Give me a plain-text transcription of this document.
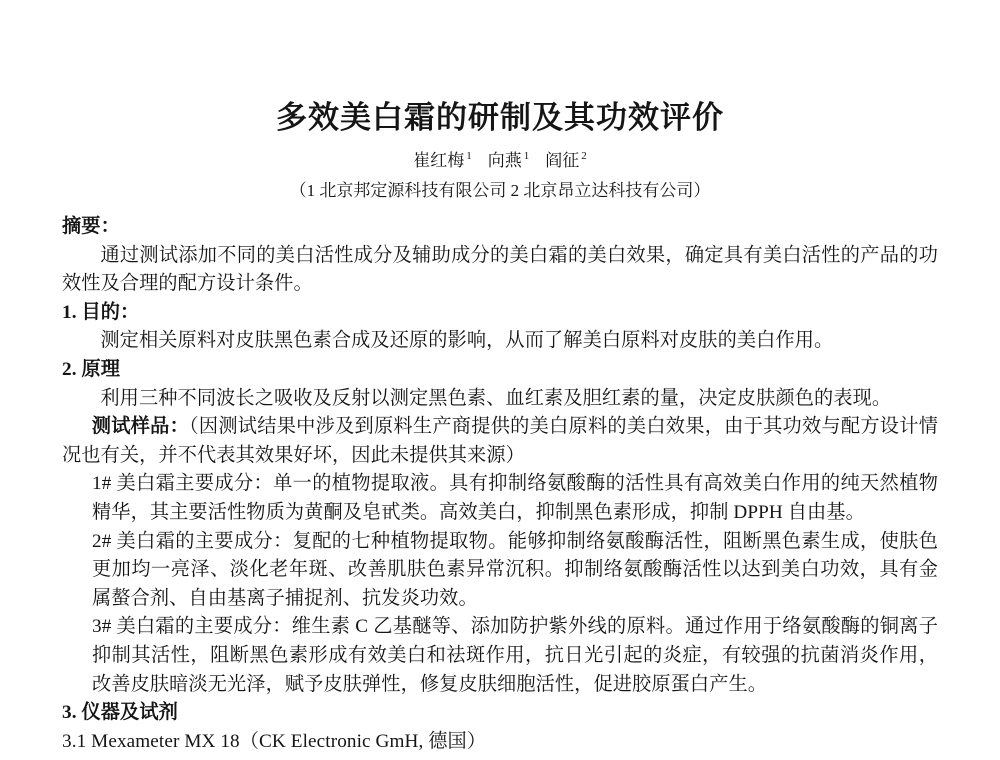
多效美白霜的研制及其功效评价
崔红梅 $^1$ 向燕 $^1$ 阎征 $^2$
（1 北京邦定源科技有限公司 2 北京昂立达科技有公司）
摘要：
通过测试添加不同的美白活性成分及辅助成分的美白霜的美白效果，确定具有美白活性的产品的功效性及合理的配方设计条件。
1. 目的：
测定相关原料对皮肤黑色素合成及还原的影响，从而了解美白原料对皮肤的美白作用。
2. 原理
利用三种不同波长之吸收及反射以测定黑色素、血红素及胆红素的量，决定皮肤颜色的表现。
测试样品：（因测试结果中涉及到原料生产商提供的美白原料的美白效果，由于其功效与配方设计情况也有关，并不代表其效果好坏，因此未提供其来源）
1# 美白霜主要成分：单一的植物提取液。具有抑制络氨酸酶的活性具有高效美白作用的纯天然植物精华，其主要活性物质为黄酮及皂甙类。高效美白，抑制黑色素形成，抑制 DPPH 自由基。
2# 美白霜的主要成分：复配的七种植物提取物。能够抑制络氨酸酶活性，阻断黑色素生成，使肤色更加均一亮泽、淡化老年斑、改善肌肤色素异常沉积。抑制络氨酸酶活性以达到美白功效，具有金属螯合剂、自由基离子捕捉剂、抗发炎功效。
3# 美白霜的主要成分：维生素 C 乙基醚等、添加防护紫外线的原料。通过作用于络氨酸酶的铜离子抑制其活性，阻断黑色素形成有效美白和祛斑作用，抗日光引起的炎症，有较强的抗菌消炎作用，改善皮肤暗淡无光泽，赋予皮肤弹性，修复皮肤细胞活性，促进胶原蛋白产生。
3. 仪器及试剂
3.1 Mexameter MX 18（CK Electronic GmH, 德国）
